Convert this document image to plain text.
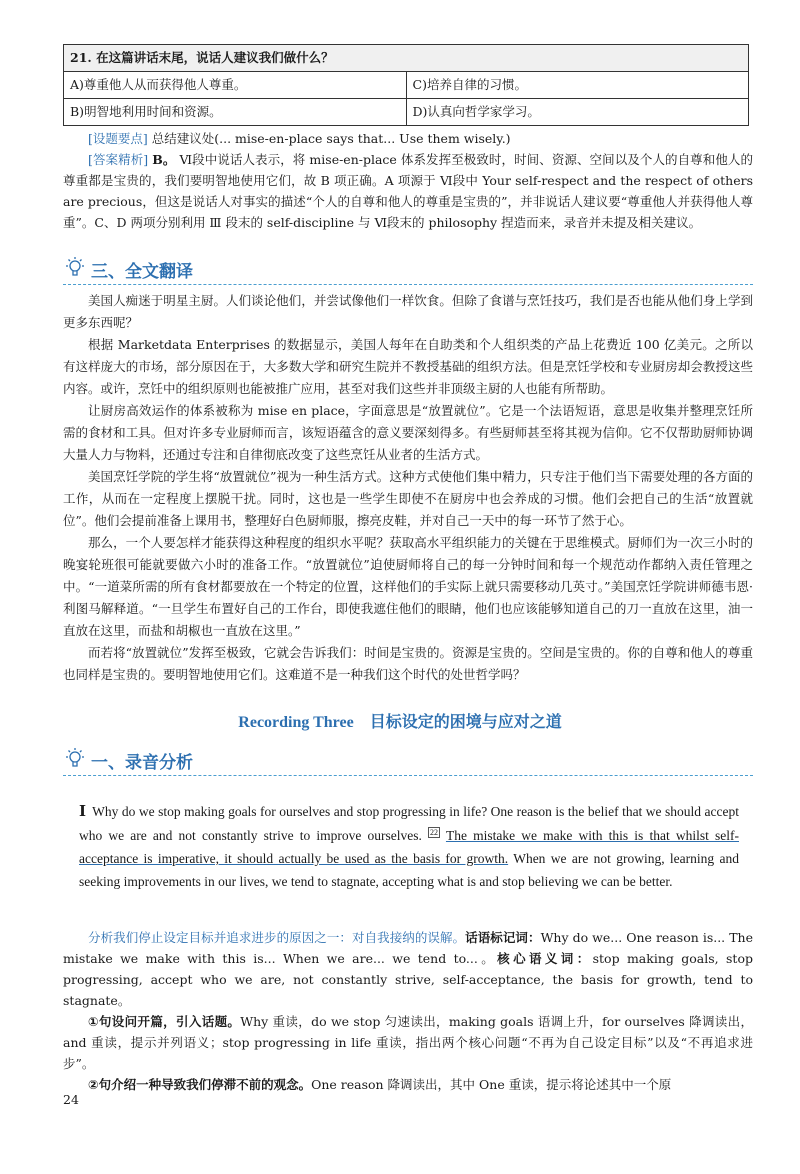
21. 在这篇讲话末尾，说话人建议我们做什么？	
A)尊重他人从而获得他人尊重。	C)培养自律的习惯。
B)明智地利用时间和资源。	D)认真向哲学家学习。

[设题要点] 总结建议处(... mise-en-place says that... Use them wisely.)

[答案精析] B。 Ⅵ段中说话人表示，将 mise-en-place 体系发挥至极致时，时间、资源、空间以及个人的自尊和他人的尊重都是宝贵的，我们要明智地使用它们，故 B 项正确。A 项源于 Ⅵ段中 Your self-respect and the respect of others are precious，但这是说话人对事实的描述“个人的自尊和他人的尊重是宝贵的”，并非说话人建议要“尊重他人并获得他人尊重”。C、D 两项分别利用 Ⅲ 段末的 self-discipline 与 Ⅵ段末的 philosophy 捏造而来，录音并未提及相关建议。

三、全文翻译

美国人痴迷于明星主厨。人们谈论他们，并尝试像他们一样饮食。但除了食谱与烹饪技巧，我们是否也能从他们身上学到更多东西呢？

根据 Marketdata Enterprises 的数据显示，美国人每年在自助类和个人组织类的产品上花费近 100 亿美元。之所以有这样庞大的市场，部分原因在于，大多数大学和研究生院并不教授基础的组织方法。但是烹饪学校和专业厨房却会教授这些内容。或许，烹饪中的组织原则也能被推广应用，甚至对我们这些并非顶级主厨的人也能有所帮助。

让厨房高效运作的体系被称为 mise en place，字面意思是“放置就位”。它是一个法语短语，意思是收集并整理烹饪所需的食材和工具。但对许多专业厨师而言，该短语蕴含的意义要深刻得多。有些厨师甚至将其视为信仰。它不仅帮助厨师协调大量人力与物料，还通过专注和自律彻底改变了这些烹饪从业者的生活方式。

美国烹饪学院的学生将“放置就位”视为一种生活方式。这种方式使他们集中精力，只专注于他们当下需要处理的各方面的工作，从而在一定程度上摆脱干扰。同时，这也是一些学生即使不在厨房中也会养成的习惯。他们会把自己的生活“放置就位”。他们会提前准备上课用书，整理好白色厨师服，擦亮皮鞋，并对自己一天中的每一环节了然于心。

那么，一个人要怎样才能获得这种程度的组织水平呢？获取高水平组织能力的关键在于思维模式。厨师们为一次三小时的晚宴轮班很可能就要做六小时的准备工作。“放置就位”迫使厨师将自己的每一分钟时间和每一个规范动作都纳入责任管理之中。“一道菜所需的所有食材都要放在一个特定的位置，这样他们的手实际上就只需要移动几英寸。”美国烹饪学院讲师德韦恩·利图马解释道。“一旦学生布置好自己的工作台，即使我遮住他们的眼睛，他们也应该能够知道自己的刀一直放在这里，油一直放在这里，而盐和胡椒也一直放在这里。”

而若将“放置就位”发挥至极致，它就会告诉我们：时间是宝贵的。资源是宝贵的。空间是宝贵的。你的自尊和他人的尊重也同样是宝贵的。要明智地使用它们。这难道不是一种我们这个时代的处世哲学吗？

Recording Three 目标设定的困境与应对之道
一、录音分析
Ⅰ Why do we stop making goals for ourselves and stop progressing in life? One reason is the belief that we should accept who we are and not constantly strive to improve ourselves. 22 The mistake we make with this is that whilst self-acceptance is imperative, it should actually be used as the basis for growth. When we are not growing, learning and seeking improvements in our lives, we tend to stagnate, accepting what is and stop believing we can be better.

分析我们停止设定目标并追求进步的原因之一：对自我接纳的误解。话语标记词：Why do we... One reason is... The mistake we make with this is... When we are... we tend to...。核心语义词：stop making goals, stop progressing, accept who we are, not constantly strive, self-acceptance, the basis for growth, tend to stagnate。

①句设问开篇，引入话题。Why 重读，do we stop 匀速读出，making goals 语调上升，for ourselves 降调读出，and 重读，提示并列语义；stop progressing in life 重读，指出两个核心问题“不再为自己设定目标”以及“不再追求进步”。

②句介绍一种导致我们停滞不前的观念。One reason 降调读出，其中 One 重读，提示将论述其中一个原

24
